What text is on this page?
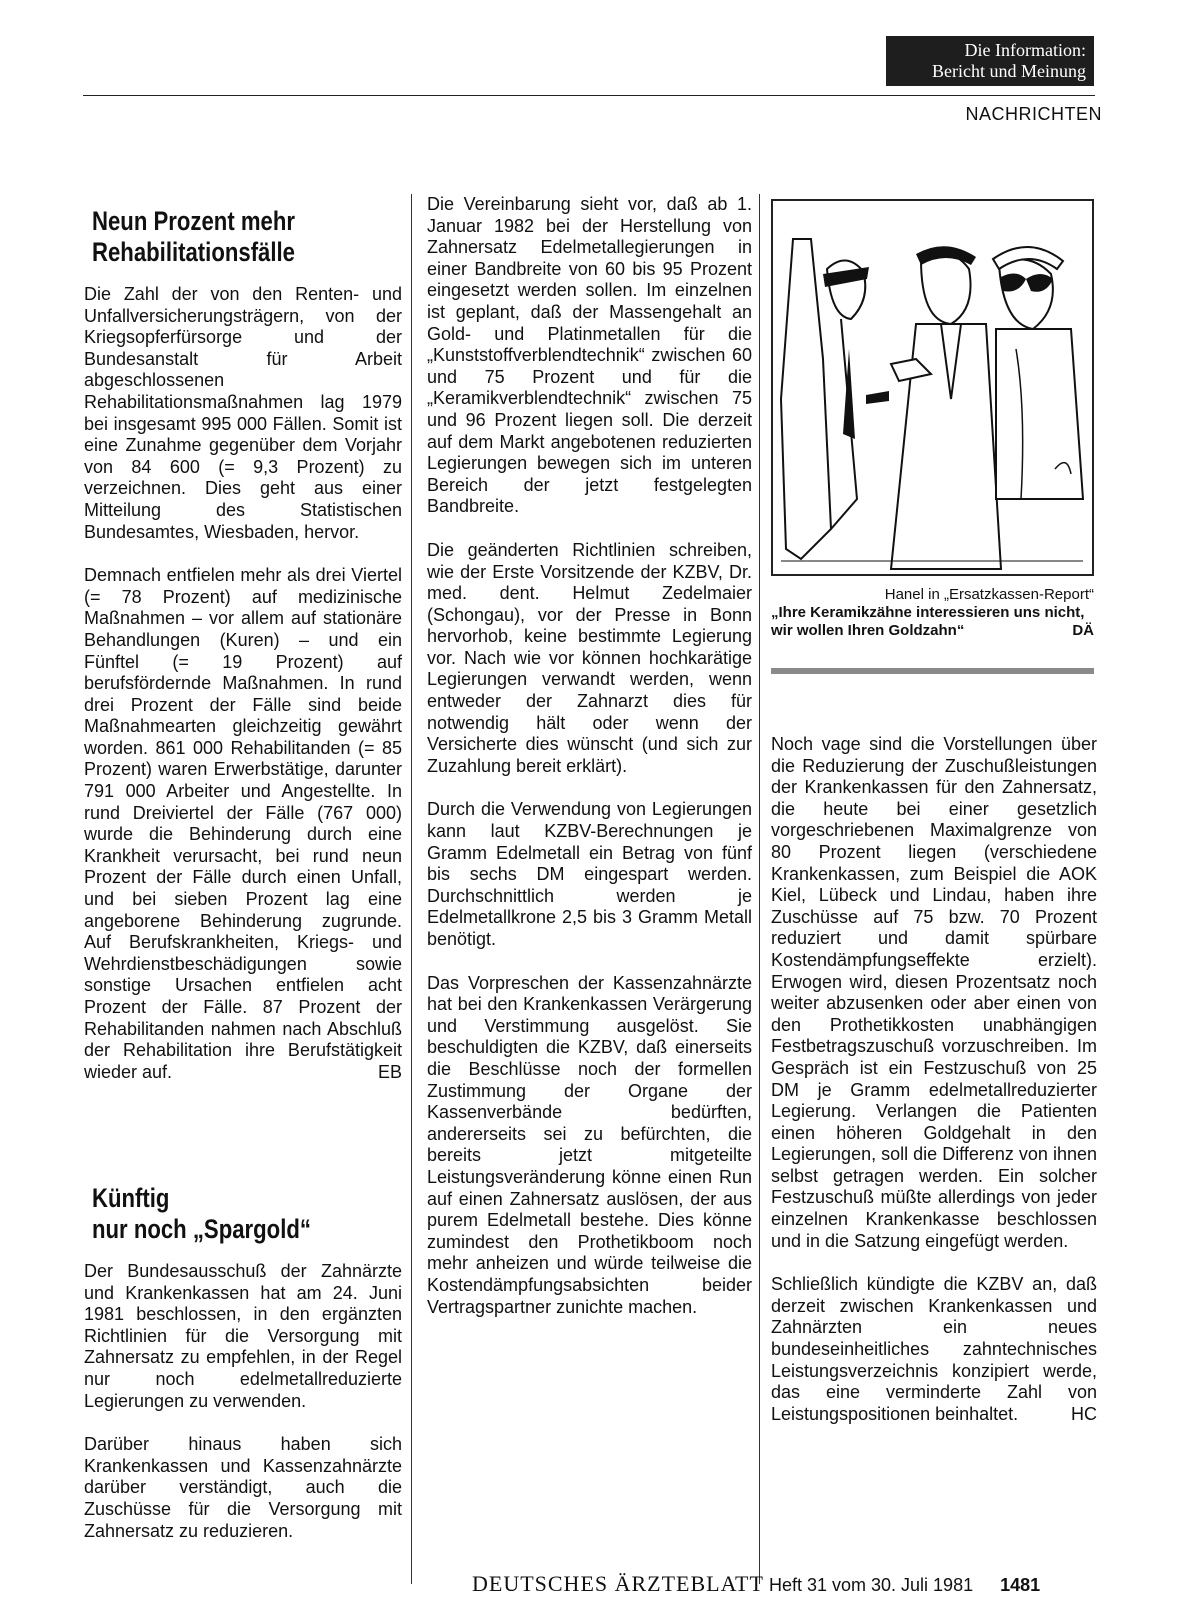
Die Information:
Bericht und Meinung
NACHRICHTEN
Neun Prozent mehr
Rehabilitationsfälle

Die Zahl der von den Renten- und Unfallversicherungsträgern, von der Kriegsopferfürsorge und der Bundesanstalt für Arbeit abgeschlossenen Rehabilitationsmaßnahmen lag 1979 bei insgesamt 995 000 Fällen. Somit ist eine Zunahme gegenüber dem Vorjahr von 84 600 (= 9,3 Prozent) zu verzeichnen. Dies geht aus einer Mitteilung des Statistischen Bundesamtes, Wiesbaden, hervor.

Demnach entfielen mehr als drei Viertel (= 78 Prozent) auf medizinische Maßnahmen – vor allem auf stationäre Behandlungen (Kuren) – und ein Fünftel (= 19 Prozent) auf berufsfördernde Maßnahmen. In rund drei Prozent der Fälle sind beide Maßnahmearten gleichzeitig gewährt worden. 861 000 Rehabilitanden (= 85 Prozent) waren Erwerbstätige, darunter 791 000 Arbeiter und Angestellte. In rund Dreiviertel der Fälle (767 000) wurde die Behinderung durch eine Krankheit verursacht, bei rund neun Prozent der Fälle durch einen Unfall, und bei sieben Prozent lag eine angeborene Behinderung zugrunde. Auf Berufskrankheiten, Kriegs- und Wehrdienstbeschädigungen sowie sonstige Ursachen entfielen acht Prozent der Fälle. 87 Prozent der Rehabilitanden nahmen nach Abschluß der Rehabilitation ihre Berufstätigkeit wieder auf.	EB

Künftig
nur noch „Spargold“

Der Bundesausschuß der Zahnärzte und Krankenkassen hat am 24. Juni 1981 beschlossen, in den ergänzten Richtlinien für die Versorgung mit Zahnersatz zu empfehlen, in der Regel nur noch edelmetallreduzierte Legierungen zu verwenden.

Darüber hinaus haben sich Krankenkassen und Kassenzahnärzte darüber verständigt, auch die Zuschüsse für die Versorgung mit Zahnersatz zu reduzieren.

Die Vereinbarung sieht vor, daß ab 1. Januar 1982 bei der Herstellung von Zahnersatz Edelmetallegierungen in einer Bandbreite von 60 bis 95 Prozent eingesetzt werden sollen. Im einzelnen ist geplant, daß der Massengehalt an Gold- und Platinmetallen für die „Kunststoffverblendtechnik“ zwischen 60 und 75 Prozent und für die „Keramikverblendtechnik“ zwischen 75 und 96 Prozent liegen soll. Die derzeit auf dem Markt angebotenen reduzierten Legierungen bewegen sich im unteren Bereich der jetzt festgelegten Bandbreite.

Die geänderten Richtlinien schreiben, wie der Erste Vorsitzende der KZBV, Dr. med. dent. Helmut Zedelmaier (Schongau), vor der Presse in Bonn hervorhob, keine bestimmte Legierung vor. Nach wie vor können hochkarätige Legierungen verwandt werden, wenn entweder der Zahnarzt dies für notwendig hält oder wenn der Versicherte dies wünscht (und sich zur Zuzahlung bereit erklärt).

Durch die Verwendung von Legierungen kann laut KZBV-Berechnungen je Gramm Edelmetall ein Betrag von fünf bis sechs DM eingespart werden. Durchschnittlich werden je Edelmetallkrone 2,5 bis 3 Gramm Metall benötigt.

Das Vorpreschen der Kassenzahnärzte hat bei den Krankenkassen Verärgerung und Verstimmung ausgelöst. Sie beschuldigten die KZBV, daß einerseits die Beschlüsse noch der formellen Zustimmung der Organe der Kassenverbände bedürften, andererseits sei zu befürchten, die bereits jetzt mitgeteilte Leistungsveränderung könne einen Run auf einen Zahnersatz auslösen, der aus purem Edelmetall bestehe. Dies könne zumindest den Prothetikboom noch mehr anheizen und würde teilweise die Kostendämpfungsabsichten beider Vertragspartner zunichte machen.

Hanel in „Ersatzkassen-Report“
„Ihre Keramikzähne interessieren uns nicht, wir wollen Ihren Goldzahn“	DÄ

Noch vage sind die Vorstellungen über die Reduzierung der Zuschußleistungen der Krankenkassen für den Zahnersatz, die heute bei einer gesetzlich vorgeschriebenen Maximalgrenze von 80 Prozent liegen (verschiedene Krankenkassen, zum Beispiel die AOK Kiel, Lübeck und Lindau, haben ihre Zuschüsse auf 75 bzw. 70 Prozent reduziert und damit spürbare Kostendämpfungseffekte erzielt). Erwogen wird, diesen Prozentsatz noch weiter abzusenken oder aber einen von den Prothetikkosten unabhängigen Festbetragszuschuß vorzuschreiben. Im Gespräch ist ein Festzuschuß von 25 DM je Gramm edelmetallreduzierter Legierung. Verlangen die Patienten einen höheren Goldgehalt in den Legierungen, soll die Differenz von ihnen selbst getragen werden. Ein solcher Festzuschuß müßte allerdings von jeder einzelnen Krankenkasse beschlossen und in die Satzung eingefügt werden.

Schließlich kündigte die KZBV an, daß derzeit zwischen Krankenkassen und Zahnärzten ein neues bundeseinheitliches zahntechnisches Leistungsverzeichnis konzipiert werde, das eine verminderte Zahl von Leistungspositionen beinhaltet.	HC

DEUTSCHES ÄRZTEBLATT Heft 31 vom 30. Juli 1981 1481
